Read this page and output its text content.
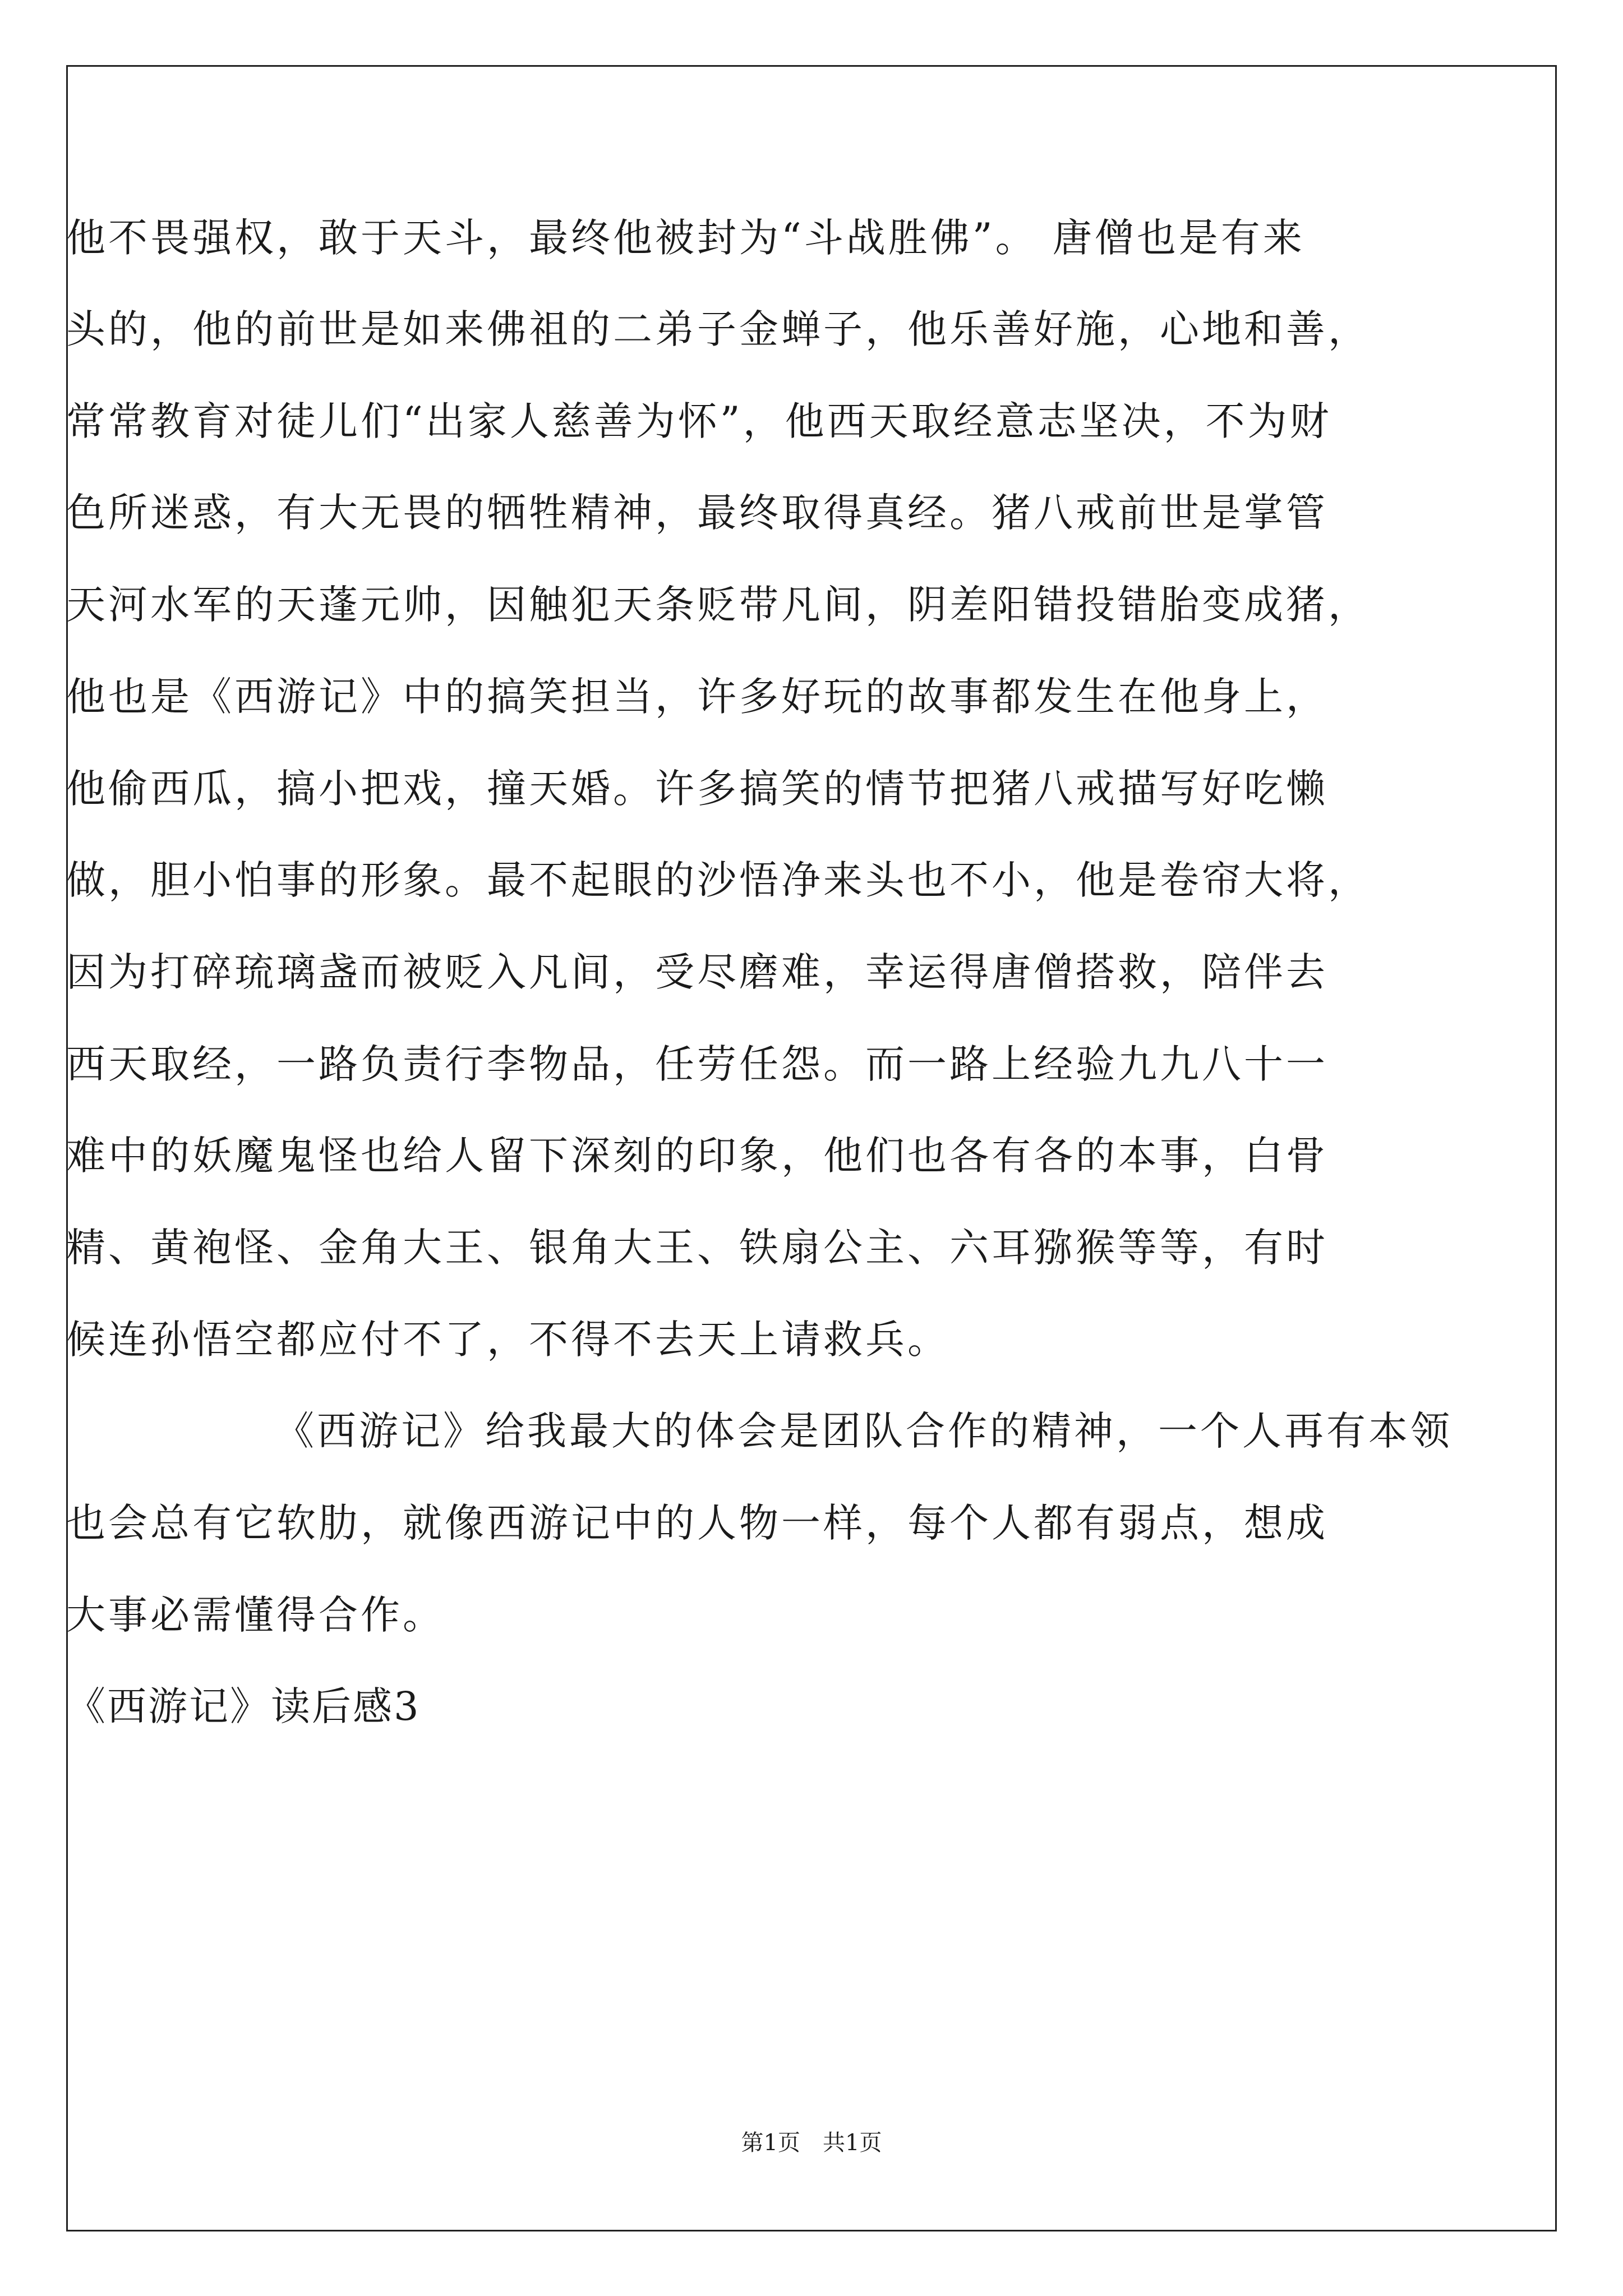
他不畏强权，敢于天斗，最终他被封为“斗战胜佛”。 唐僧也是有来
头的，他的前世是如来佛祖的二弟子金蝉子，他乐善好施，心地和善，
常常教育对徒儿们“出家人慈善为怀”，他西天取经意志坚决，不为财
色所迷惑，有大无畏的牺牲精神，最终取得真经。猪八戒前世是掌管
天河水军的天蓬元帅，因触犯天条贬带凡间，阴差阳错投错胎变成猪，
他也是《西游记》中的搞笑担当，许多好玩的故事都发生在他身上，
他偷西瓜，搞小把戏，撞天婚。许多搞笑的情节把猪八戒描写好吃懒
做，胆小怕事的形象。最不起眼的沙悟净来头也不小，他是卷帘大将，
因为打碎琉璃盏而被贬入凡间，受尽磨难，幸运得唐僧搭救，陪伴去
西天取经，一路负责行李物品，任劳任怨。而一路上经验九九八十一
难中的妖魔鬼怪也给人留下深刻的印象，他们也各有各的本事，白骨
精、黄袍怪、金角大王、银角大王、铁扇公主、六耳猕猴等等，有时
候连孙悟空都应付不了，不得不去天上请救兵。
《西游记》给我最大的体会是团队合作的精神，一个人再有本领
也会总有它软肋，就像西游记中的人物一样，每个人都有弱点，想成
大事必需懂得合作。
《西游记》读后感3
第1页 共1页
